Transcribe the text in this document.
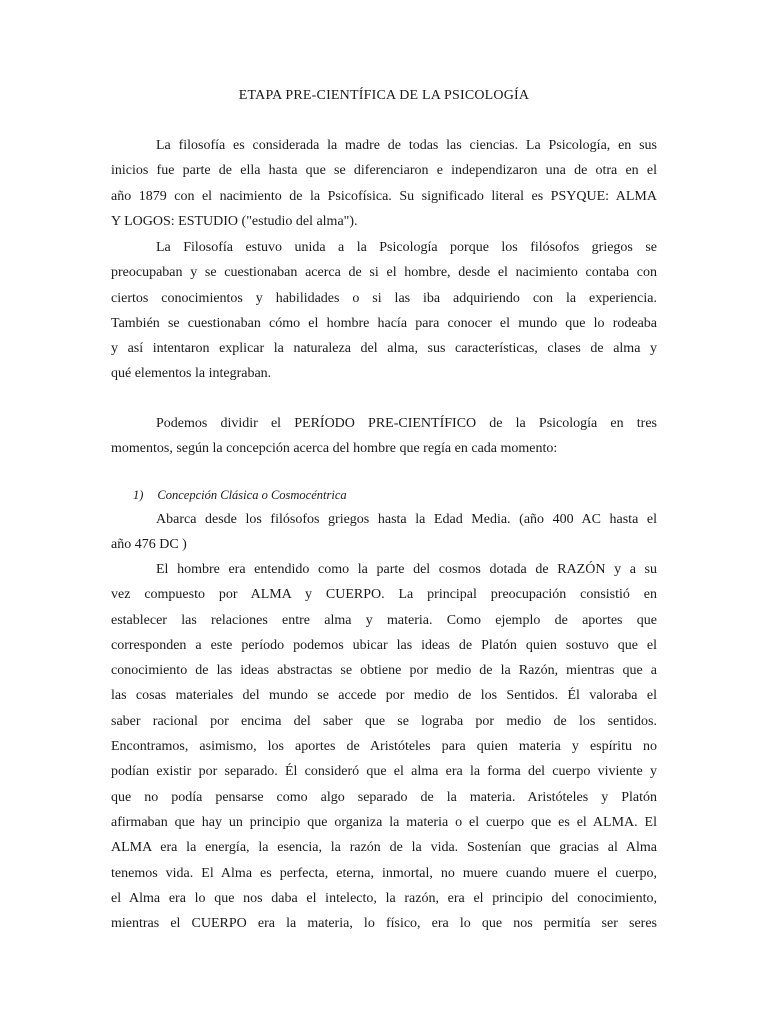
ETAPA PRE-CIENTÍFICA DE LA PSICOLOGÍA
La filosofía es considerada la madre de todas las ciencias. La Psicología, en sus
inicios fue parte de ella hasta que se diferenciaron e independizaron una de otra en el
año 1879 con el nacimiento de la Psicofísica. Su significado literal es PSYQUE: ALMA
Y LOGOS: ESTUDIO ("estudio del alma").
La Filosofía estuvo unida a la Psicología porque los filósofos griegos se
preocupaban y se cuestionaban acerca de si el hombre, desde el nacimiento contaba con
ciertos conocimientos y habilidades o si las iba adquiriendo con la experiencia.
También se cuestionaban cómo el hombre hacía para conocer el mundo que lo rodeaba
y así intentaron explicar la naturaleza del alma, sus características, clases de alma y
qué elementos la integraban.
Podemos dividir el PERÍODO PRE-CIENTÍFICO de la Psicología en tres
momentos, según la concepción acerca del hombre que regía en cada momento:
1) Concepción Clásica o Cosmocéntrica
Abarca desde los filósofos griegos hasta la Edad Media. (año 400 AC hasta el
año 476 DC )
El hombre era entendido como la parte del cosmos dotada de RAZÓN y a su
vez compuesto por ALMA y CUERPO. La principal preocupación consistió en
establecer las relaciones entre alma y materia. Como ejemplo de aportes que
corresponden a este período podemos ubicar las ideas de Platón quien sostuvo que el
conocimiento de las ideas abstractas se obtiene por medio de la Razón, mientras que a
las cosas materiales del mundo se accede por medio de los Sentidos. Él valoraba el
saber racional por encima del saber que se lograba por medio de los sentidos.
Encontramos, asimismo, los aportes de Aristóteles para quien materia y espíritu no
podían existir por separado. Él consideró que el alma era la forma del cuerpo viviente y
que no podía pensarse como algo separado de la materia. Aristóteles y Platón
afirmaban que hay un principio que organiza la materia o el cuerpo que es el ALMA. El
ALMA era la energía, la esencia, la razón de la vida. Sostenían que gracias al Alma
tenemos vida. El Alma es perfecta, eterna, inmortal, no muere cuando muere el cuerpo,
el Alma era lo que nos daba el intelecto, la razón, era el principio del conocimiento,
mientras el CUERPO era la materia, lo físico, era lo que nos permitía ser seres
